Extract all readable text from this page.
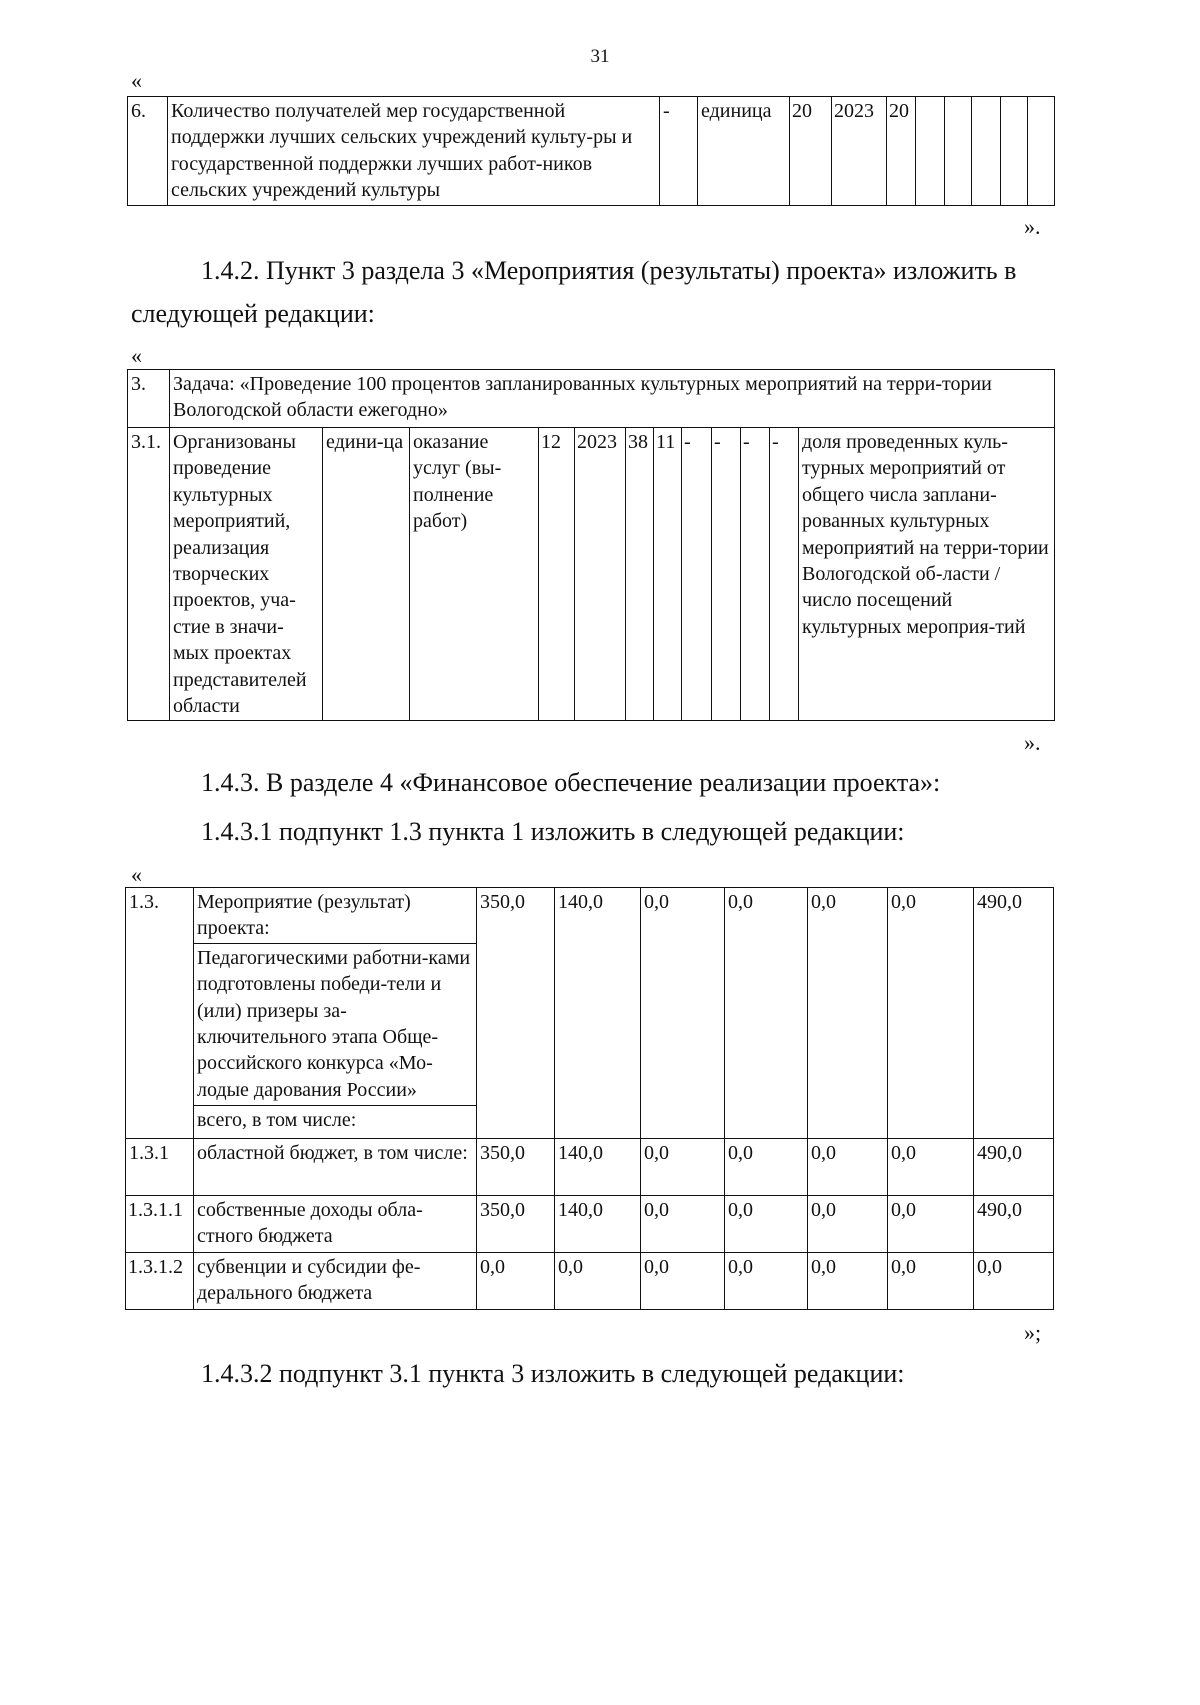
31
«
6.	Количество получателей мер государственной поддержки лучших сельских учреждений культу-ры и государственной поддержки лучших работ-ников сельских учреждений культуры	-	единица	20	2023	20					
».
1.4.2. Пункт 3 раздела 3 «Мероприятия (результаты) проекта» изложить в
следующей редакции:
«
3.	Задача: «Проведение 100 процентов запланированных культурных мероприятий на терри-тории Вологодской области ежегодно»											
3.1.	Организованы проведение культурных мероприятий, реализация творческих проектов, уча-стие в значи-мых проектах представителей области	едини-ца	оказание услуг (вы-полнение работ)	12	2023	38	11	-	-	-	-	доля проведенных куль-турных мероприятий от общего числа заплани-рованных культурных мероприятий на терри-тории Вологодской об-ласти / число посещений культурных мероприя-тий
».
1.4.3. В разделе 4 «Финансовое обеспечение реализации проекта»:
1.4.3.1 подпункт 1.3 пункта 1 изложить в следующей редакции:
«
1.3.	Мероприятие (результат) проекта:	350,0	140,0	0,0	0,0	0,0	0,0	490,0
	Педагогическими работни-ками подготовлены победи-тели и (или) призеры за-ключительного этапа Обще-российского конкурса «Мо-лодые дарования России»							
	всего, в том числе:							
1.3.1	областной бюджет, в том числе:	350,0	140,0	0,0	0,0	0,0	0,0	490,0
1.3.1.1	собственные доходы обла-стного бюджета	350,0	140,0	0,0	0,0	0,0	0,0	490,0
1.3.1.2	субвенции и субсидии фе-дерального бюджета	0,0	0,0	0,0	0,0	0,0	0,0	0,0
»;
1.4.3.2 подпункт 3.1 пункта 3 изложить в следующей редакции:
